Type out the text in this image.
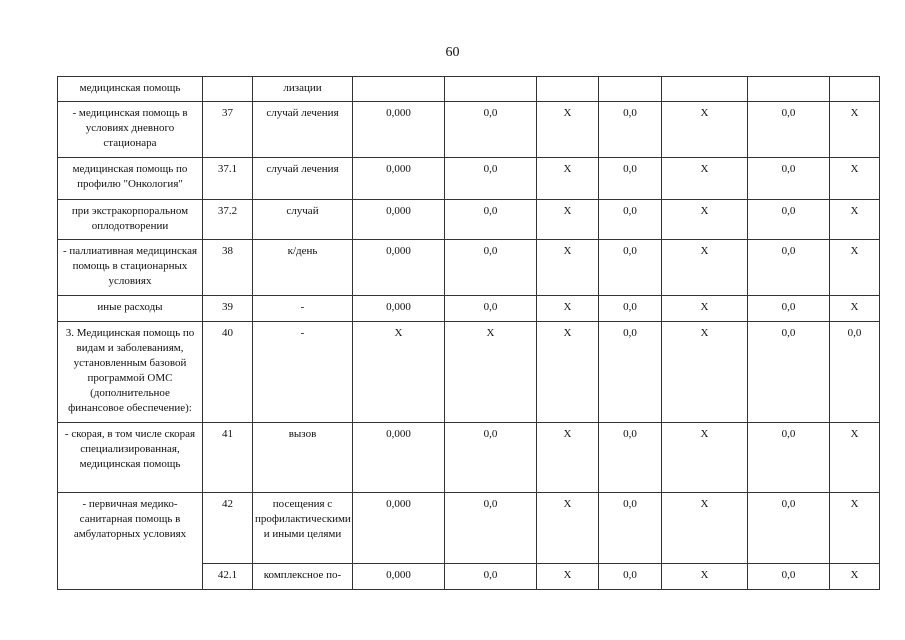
60
медицинская помощь		лизации							
- медицинская помощь в условиях дневного стационара	37	случай лечения	0,000	0,0	Х	0,0	Х	0,0	Х
медицинская помощь по профилю "Онкология"	37.1	случай лечения	0,000	0,0	Х	0,0	Х	0,0	Х
при экстракорпоральном оплодотворении	37.2	случай	0,000	0,0	Х	0,0	Х	0,0	Х
- паллиативная медицинская помощь в стационарных условиях	38	к/день	0,000	0,0	Х	0,0	Х	0,0	Х
иные расходы	39	-	0,000	0,0	Х	0,0	Х	0,0	Х
3. Медицинская помощь по видам и заболеваниям, установленным базовой программой ОМС (дополнительное финансовое обеспечение):	40	-	Х	Х	Х	0,0	Х	0,0	0,0
- скорая, в том числе скорая специализированная, медицинская помощь	41	вызов	0,000	0,0	Х	0,0	Х	0,0	Х
- первичная медико-санитарная помощь в амбулаторных условиях	42	посещения с профилактическими и иными целями	0,000	0,0	Х	0,0	Х	0,0	Х
	42.1	комплексное по-	0,000	0,0	Х	0,0	Х	0,0	Х
